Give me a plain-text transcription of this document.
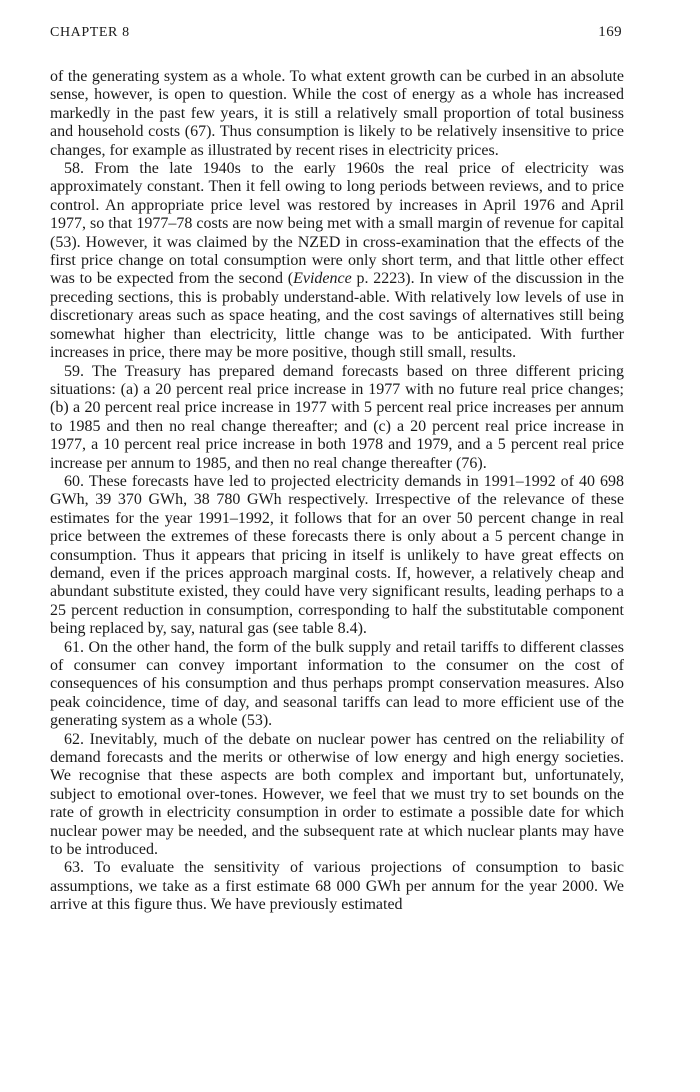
CHAPTER 8	169

of the generating system as a whole. To what extent growth can be curbed in an absolute sense, however, is open to question. While the cost of energy as a whole has increased markedly in the past few years, it is still a relatively small proportion of total business and household costs (67). Thus consumption is likely to be relatively insensitive to price changes, for example as illustrated by recent rises in electricity prices.

58. From the late 1940s to the early 1960s the real price of electricity was approximately constant. Then it fell owing to long periods between reviews, and to price control. An appropriate price level was restored by increases in April 1976 and April 1977, so that 1977–78 costs are now being met with a small margin of revenue for capital (53). However, it was claimed by the NZED in cross-examination that the effects of the first price change on total consumption were only short term, and that little other effect was to be expected from the second (Evidence p. 2223). In view of the discussion in the preceding sections, this is probably understand-able. With relatively low levels of use in discretionary areas such as space heating, and the cost savings of alternatives still being somewhat higher than electricity, little change was to be anticipated. With further increases in price, there may be more positive, though still small, results.

59. The Treasury has prepared demand forecasts based on three different pricing situations: (a) a 20 percent real price increase in 1977 with no future real price changes; (b) a 20 percent real price increase in 1977 with 5 percent real price increases per annum to 1985 and then no real change thereafter; and (c) a 20 percent real price increase in 1977, a 10 percent real price increase in both 1978 and 1979, and a 5 percent real price increase per annum to 1985, and then no real change thereafter (76).

60. These forecasts have led to projected electricity demands in 1991–1992 of 40 698 GWh, 39 370 GWh, 38 780 GWh respectively. Irrespective of the relevance of these estimates for the year 1991–1992, it follows that for an over 50 percent change in real price between the extremes of these forecasts there is only about a 5 percent change in consumption. Thus it appears that pricing in itself is unlikely to have great effects on demand, even if the prices approach marginal costs. If, however, a relatively cheap and abundant substitute existed, they could have very significant results, leading perhaps to a 25 percent reduction in consumption, corresponding to half the substitutable component being replaced by, say, natural gas (see table 8.4).

61. On the other hand, the form of the bulk supply and retail tariffs to different classes of consumer can convey important information to the consumer on the cost of consequences of his consumption and thus perhaps prompt conservation measures. Also peak coincidence, time of day, and seasonal tariffs can lead to more efficient use of the generating system as a whole (53).

62. Inevitably, much of the debate on nuclear power has centred on the reliability of demand forecasts and the merits or otherwise of low energy and high energy societies. We recognise that these aspects are both complex and important but, unfortunately, subject to emotional over-tones. However, we feel that we must try to set bounds on the rate of growth in electricity consumption in order to estimate a possible date for which nuclear power may be needed, and the subsequent rate at which nuclear plants may have to be introduced.

63. To evaluate the sensitivity of various projections of consumption to basic assumptions, we take as a first estimate 68 000 GWh per annum for the year 2000. We arrive at this figure thus. We have previously estimated
